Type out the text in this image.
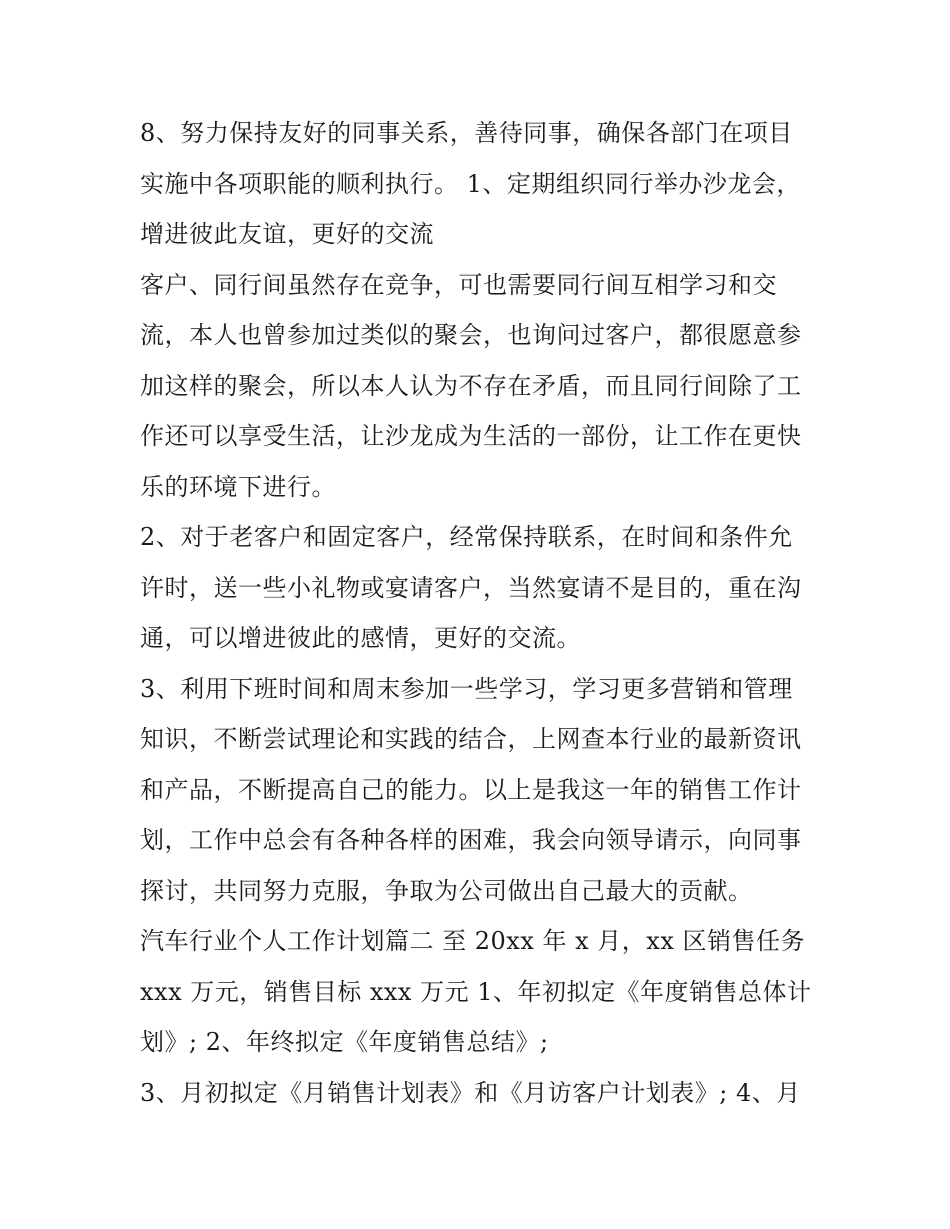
8、努力保持友好的同事关系，善待同事，确保各部门在项目
实施中各项职能的顺利执行。 1、定期组织同行举办沙龙会，
增进彼此友谊，更好的交流
客户、同行间虽然存在竞争，可也需要同行间互相学习和交
流，本人也曾参加过类似的聚会，也询问过客户，都很愿意参
加这样的聚会，所以本人认为不存在矛盾，而且同行间除了工
作还可以享受生活，让沙龙成为生活的一部份，让工作在更快
乐的环境下进行。
2、对于老客户和固定客户，经常保持联系，在时间和条件允
许时，送一些小礼物或宴请客户，当然宴请不是目的，重在沟
通，可以增进彼此的感情，更好的交流。
3、利用下班时间和周末参加一些学习，学习更多营销和管理
知识，不断尝试理论和实践的结合，上网查本行业的最新资讯
和产品，不断提高自己的能力。以上是我这一年的销售工作计
划，工作中总会有各种各样的困难，我会向领导请示，向同事
探讨，共同努力克服，争取为公司做出自己最大的贡献。
汽车行业个人工作计划篇二 至 20xx 年 x 月，xx 区销售任务
xxx 万元，销售目标 xxx 万元 1、年初拟定《年度销售总体计
划》; 2、年终拟定《年度销售总结》;
3、月初拟定《月销售计划表》和《月访客户计划表》; 4、月
